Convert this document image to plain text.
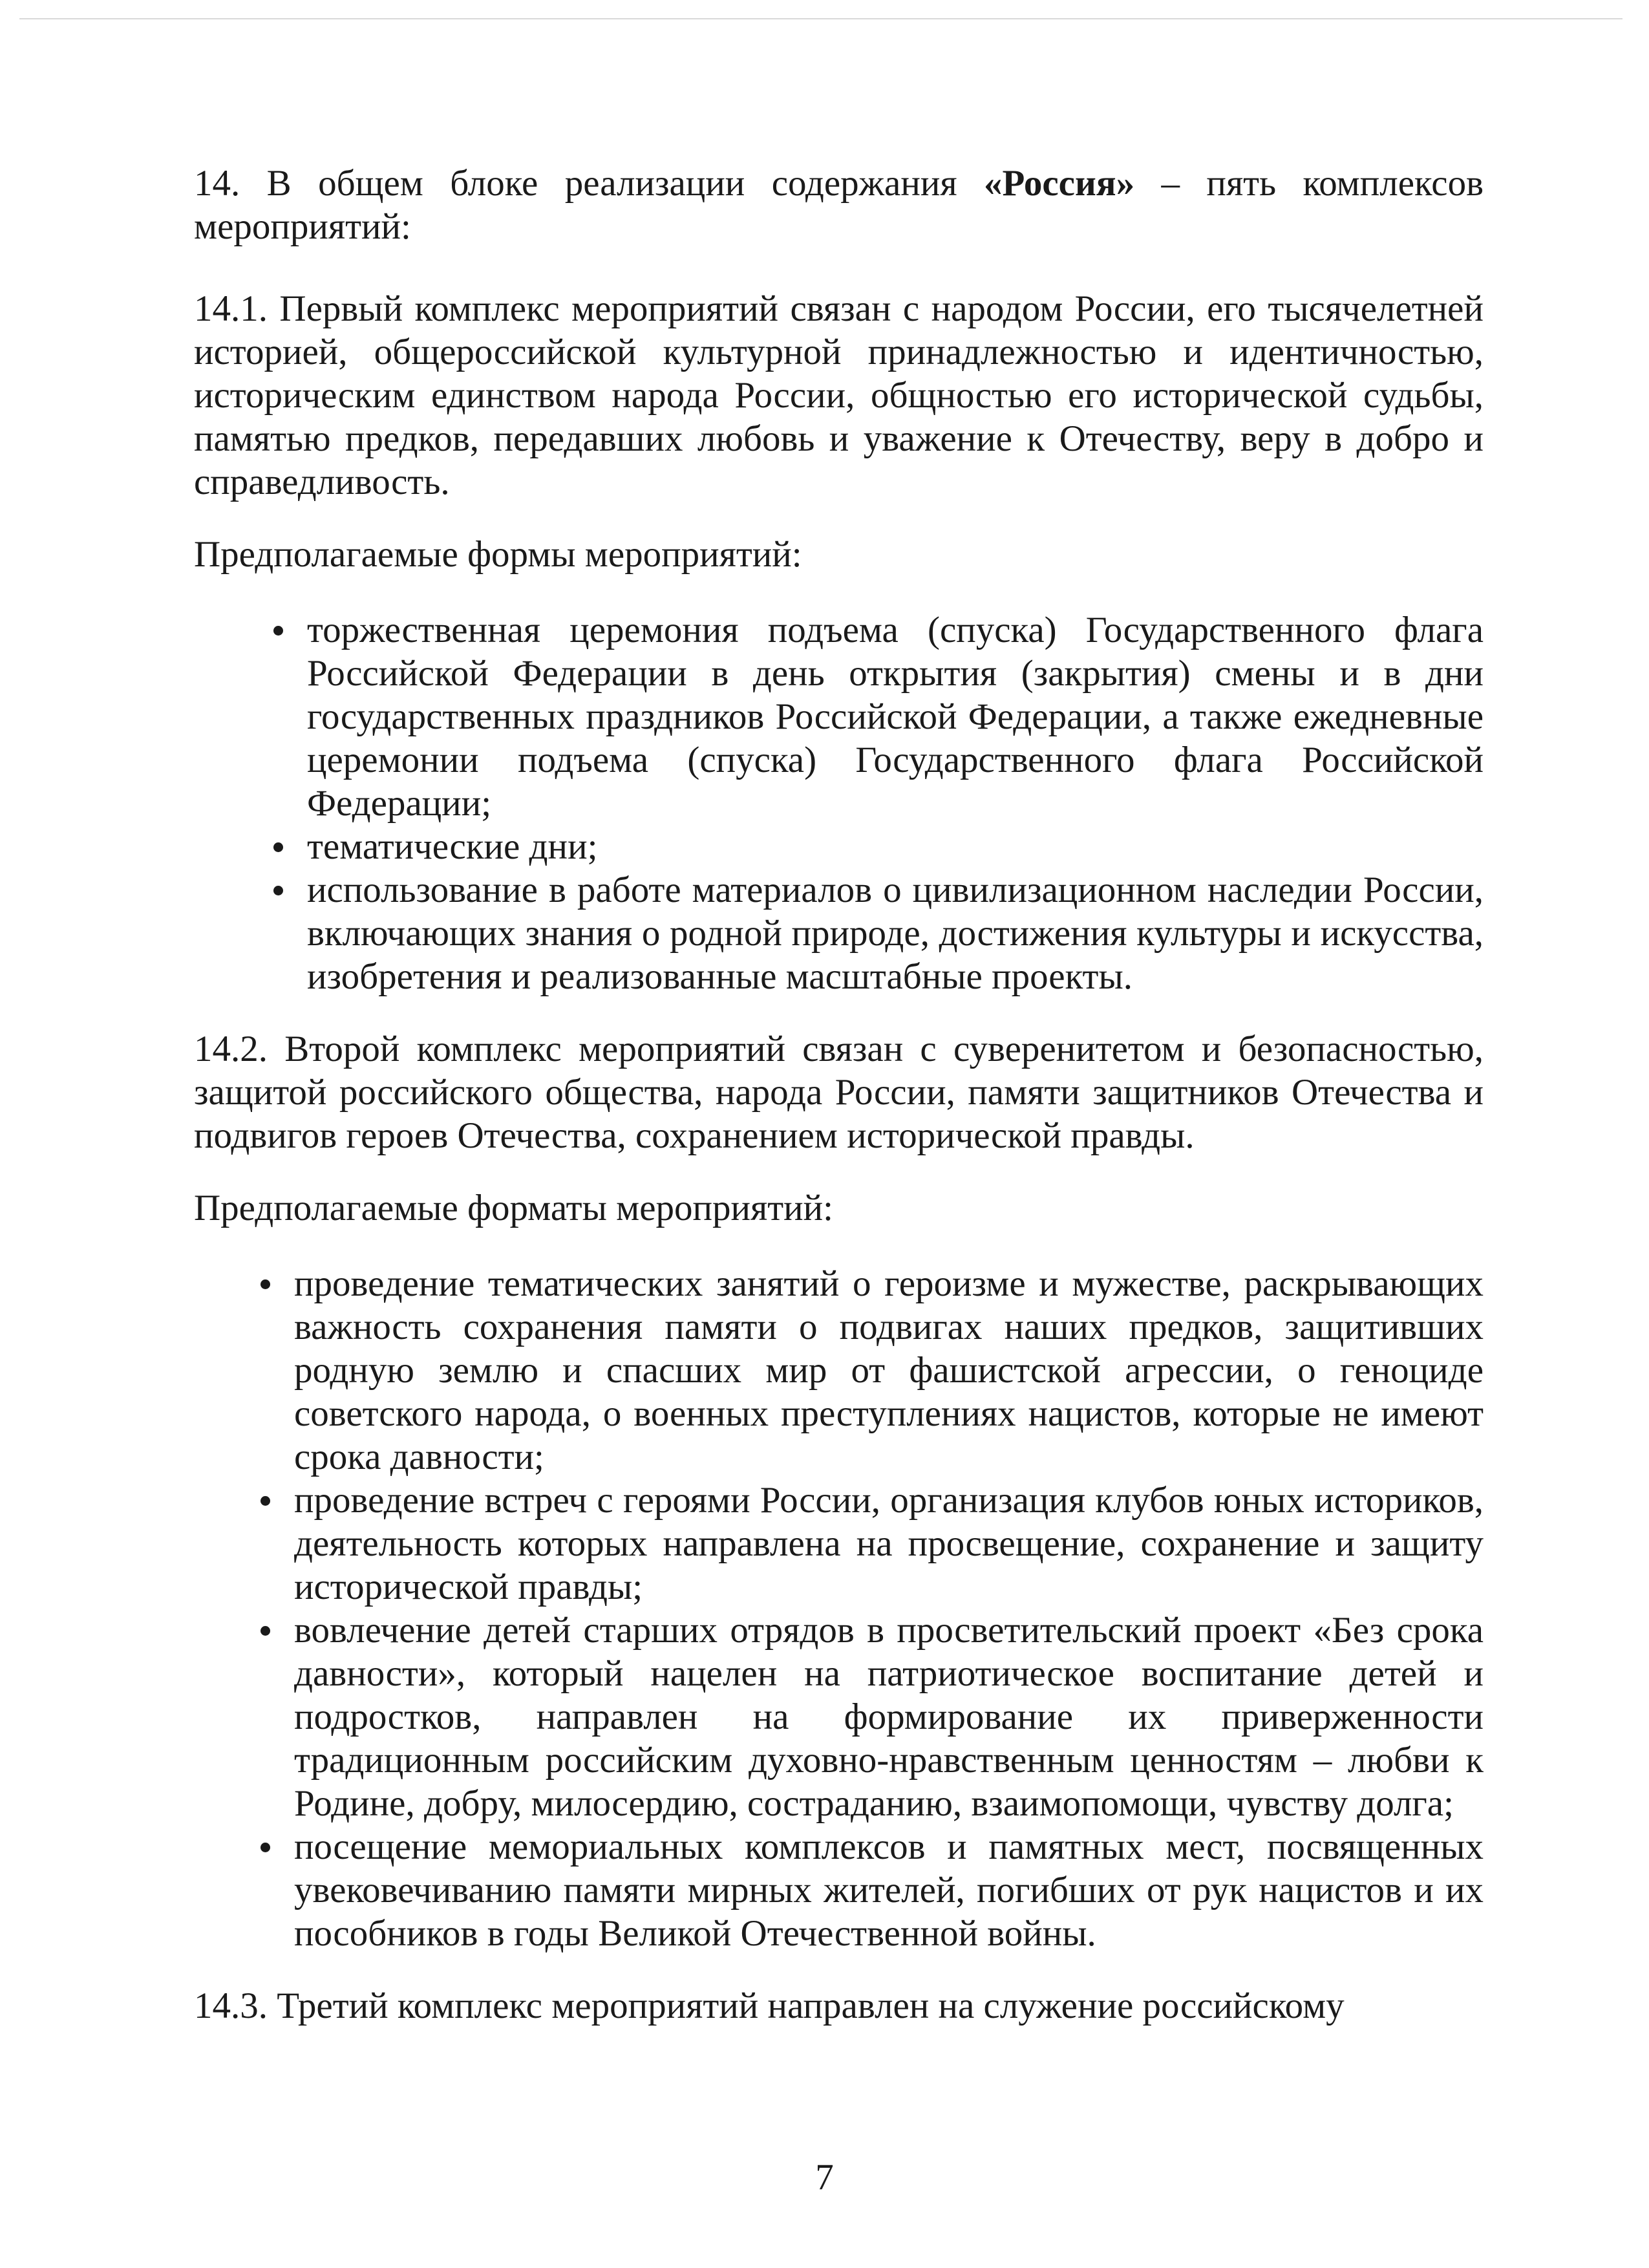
14. В общем блоке реализации содержания «Россия» – пять комплексов мероприятий:

14.1. Первый комплекс мероприятий связан с народом России, его тысячелетней историей, общероссийской культурной принадлежностью и идентичностью, историческим единством народа России, общностью его исторической судьбы, памятью предков, передавших любовь и уважение к Отечеству, веру в добро и справедливость.

Предполагаемые формы мероприятий:

торжественная церемония подъема (спуска) Государственного флага Российской Федерации в день открытия (закрытия) смены и в дни государственных праздников Российской Федерации, а также ежедневные церемонии подъема (спуска) Государственного флага Российской Федерации;
тематические дни;
использование в работе материалов о цивилизационном наследии России, включающих знания о родной природе, достижения культуры и искусства, изобретения и реализованные масштабные проекты.

14.2. Второй комплекс мероприятий связан с суверенитетом и безопасностью, защитой российского общества, народа России, памяти защитников Отечества и подвигов героев Отечества, сохранением исторической правды.

Предполагаемые форматы мероприятий:

проведение тематических занятий о героизме и мужестве, раскрывающих важность сохранения памяти о подвигах наших предков, защитивших родную землю и спасших мир от фашистской агрессии, о геноциде советского народа, о военных преступлениях нацистов, которые не имеют срока давности;
проведение встреч с героями России, организация клубов юных историков, деятельность которых направлена на просвещение, сохранение и защиту исторической правды;
вовлечение детей старших отрядов в просветительский проект «Без срока давности», который нацелен на патриотическое воспитание детей и подростков, направлен на формирование их приверженности традиционным российским духовно-нравственным ценностям – любви к Родине, добру, милосердию, состраданию, взаимопомощи, чувству долга;
посещение мемориальных комплексов и памятных мест, посвященных увековечиванию памяти мирных жителей, погибших от рук нацистов и их пособников в годы Великой Отечественной войны.

14.3. Третий комплекс мероприятий направлен на служение российскому

7
